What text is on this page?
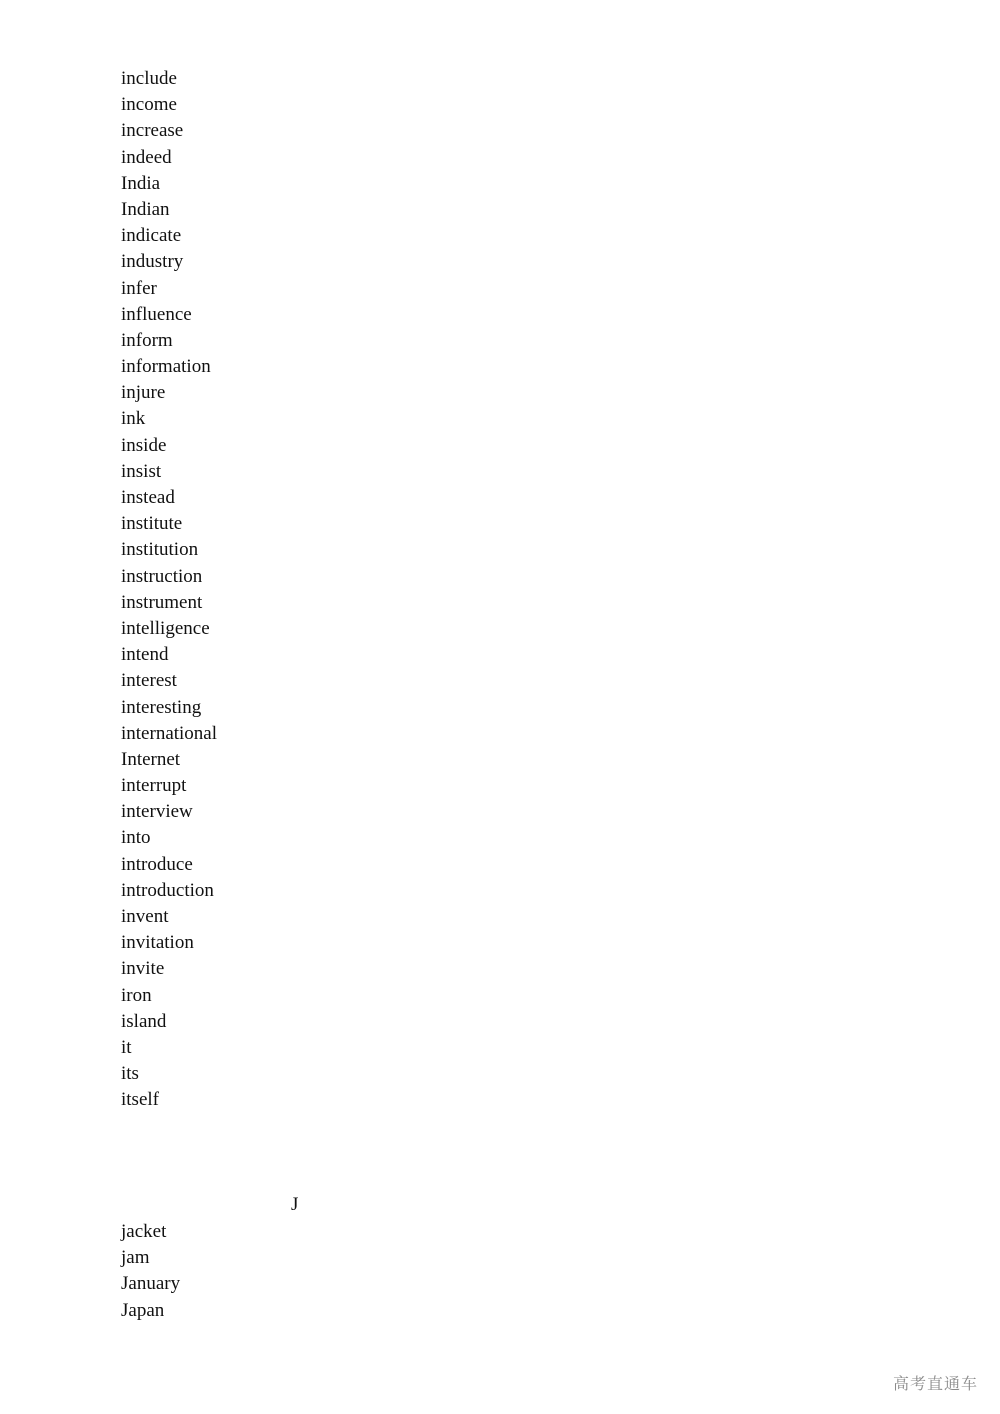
include
income
increase
indeed
India
Indian
indicate
industry
infer
influence
inform
information
injure
ink
inside
insist
instead
institute
institution
instruction
instrument
intelligence
intend
interest
interesting
international
Internet
interrupt
interview
into
introduce
introduction
invent
invitation
invite
iron
island
it
its
itself
J
jacket
jam
January
Japan
高考直通车
